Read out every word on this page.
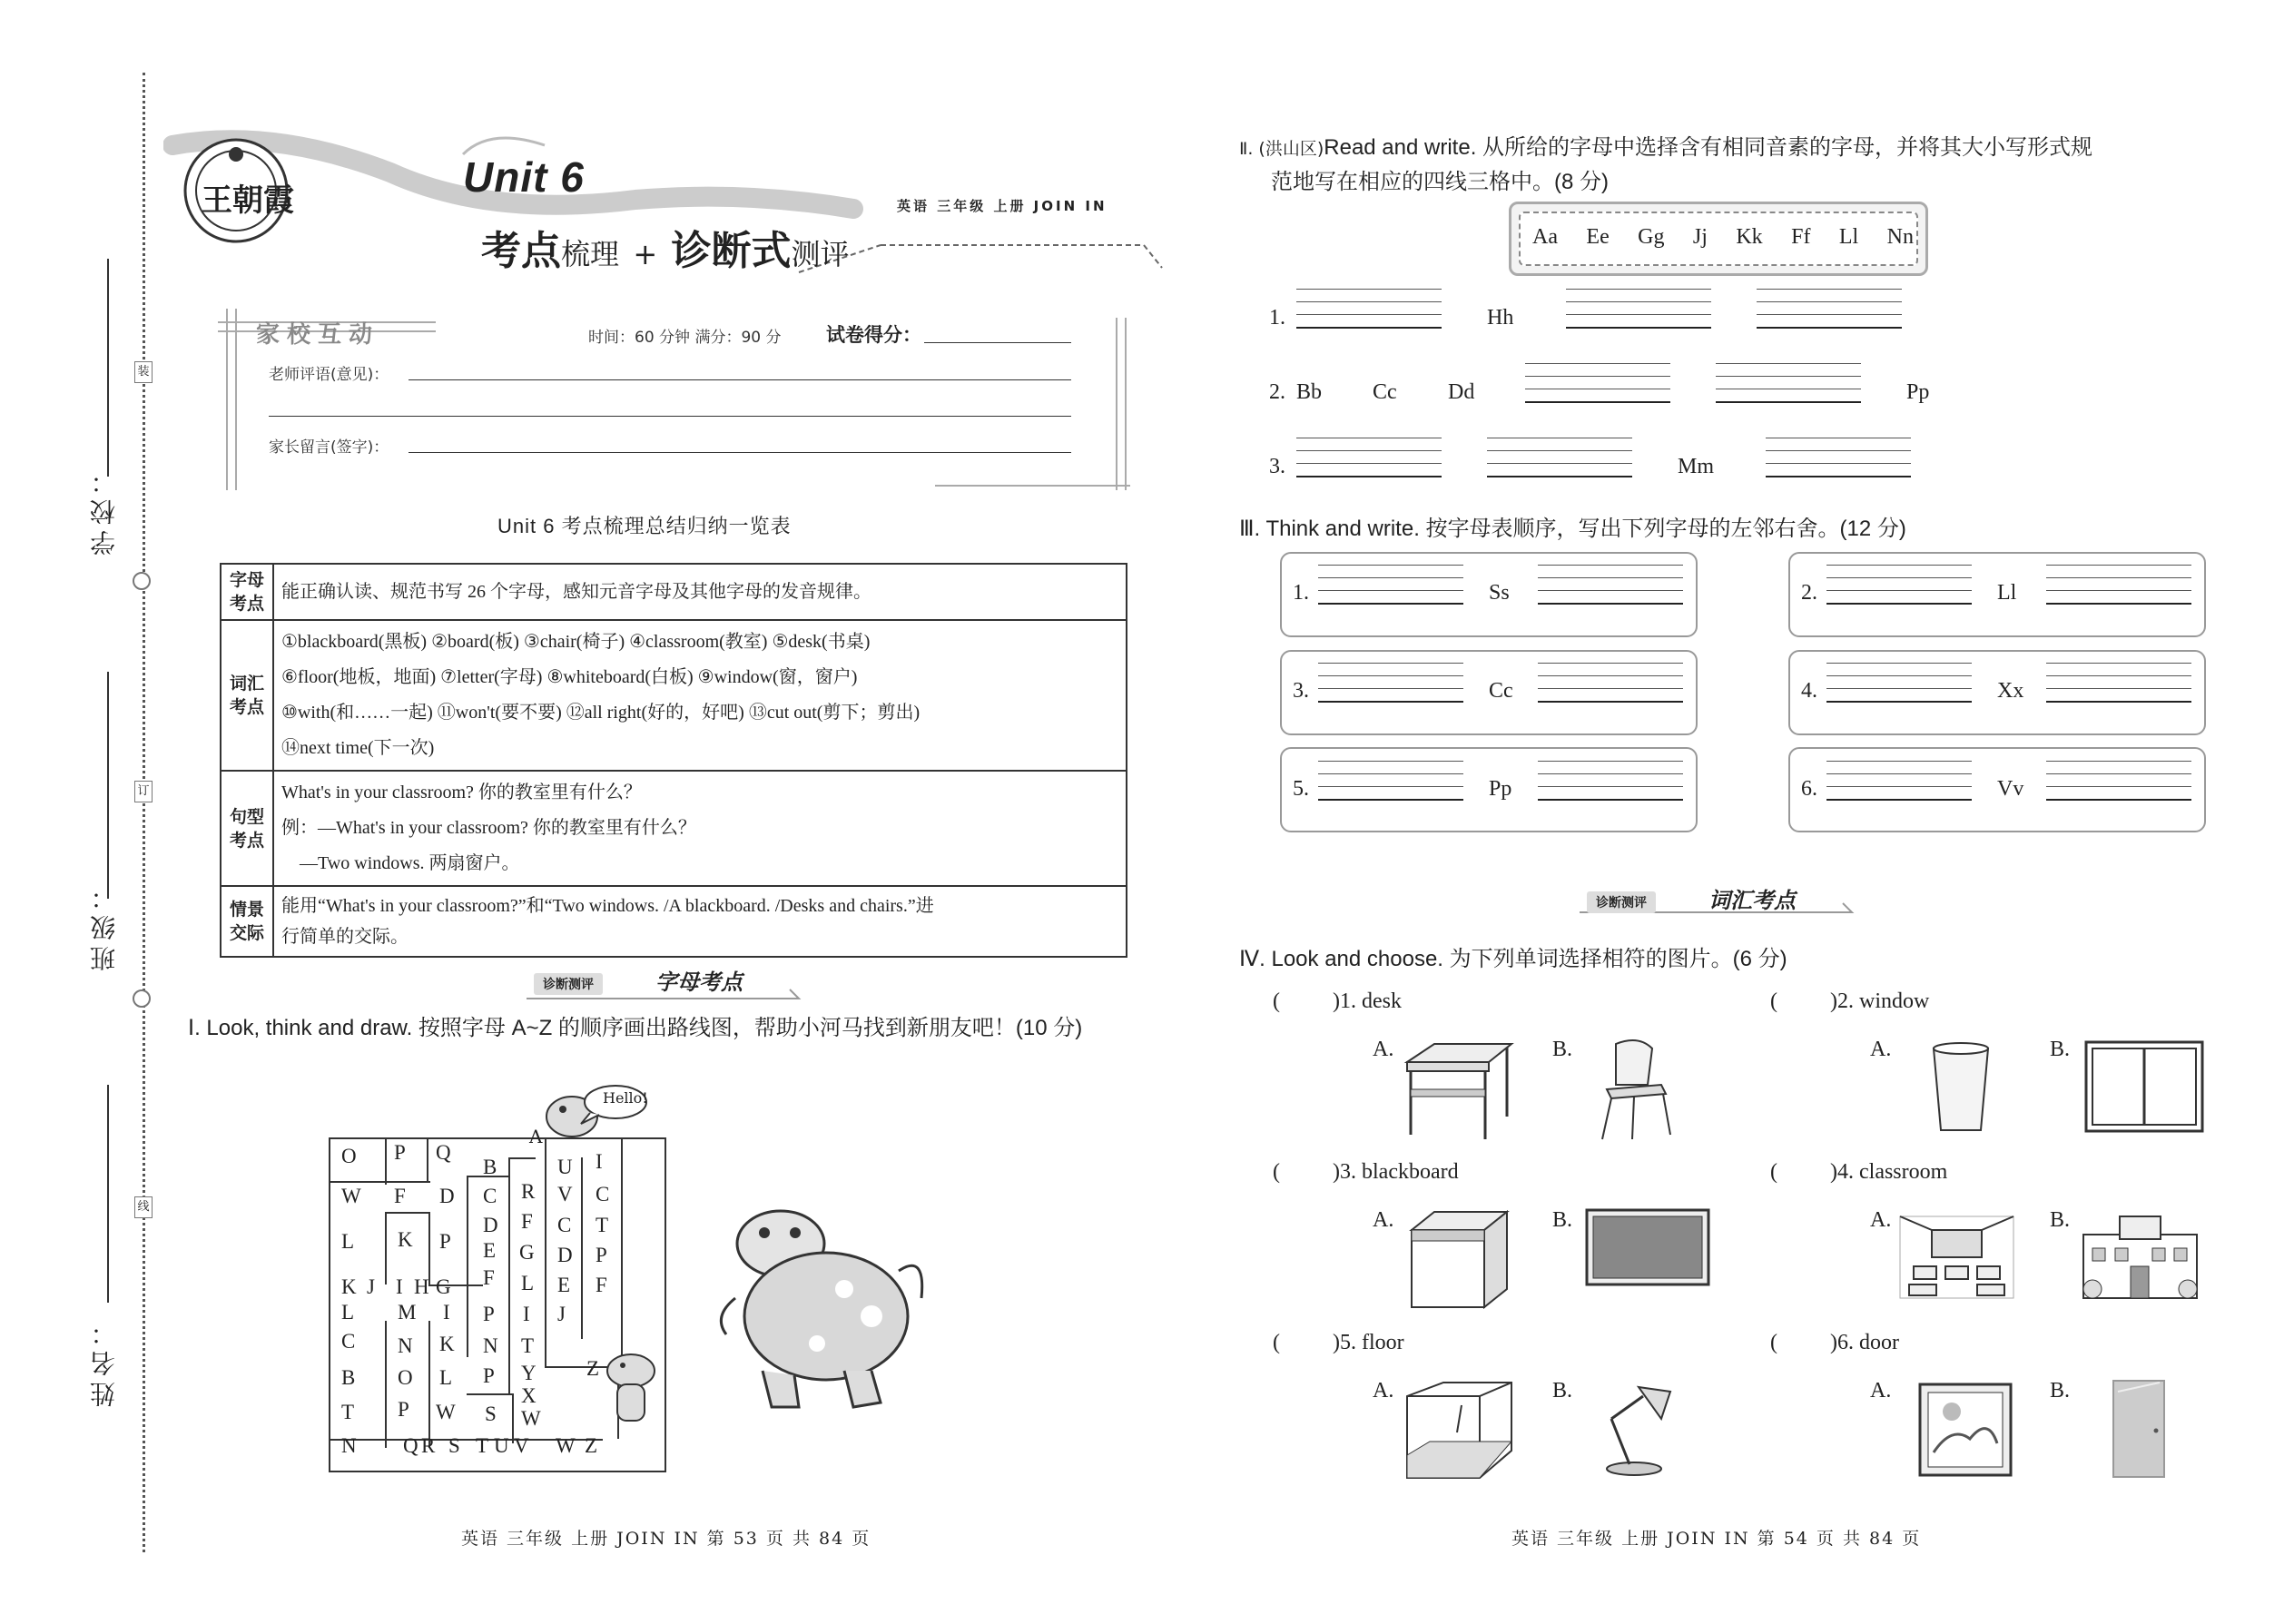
装
订
线
学校：
班级：
姓名：
王朝霞	Unit 6
英语 三年级 上册 JOIN IN
考点梳理 + 诊断式测评
家校互动	时间：60 分钟 满分：90 分 试卷得分：
老师评语(意见)：
家长留言(签字)：
Unit 6 考点梳理总结归纳一览表
字母考点	能正确认读、规范书写 26 个字母，感知元音字母及其他字母的发音规律。

词汇考点	①blackboard(黑板) ②board(板) ③chair(椅子) ④classroom(教室) ⑤desk(书桌)
⑥floor(地板，地面) ⑦letter(字母) ⑧whiteboard(白板) ⑨window(窗，窗户)
⑩with(和……一起) ⑪won't(要不要) ⑫all right(好的，好吧) ⑬cut out(剪下；剪出)
⑭next time(下一次)

句型考点	What's in your classroom? 你的教室里有什么？
例：—What's in your classroom? 你的教室里有什么？
—Two windows. 两扇窗户。

情景交际	能用“What's in your classroom?”和“Two windows. /A blackboard. /Desks and chairs.”进
行简单的交际。
诊断测评	字母考点
Ⅰ. Look, think and draw. 按照字母 A~Z 的顺序画出路线图，帮助小河马找到新朋友吧！(10 分)
O P Q
W F D
L K P
K J I H G
L M I
C N K
B O L
T P W
N Q R S T U V W Z
B
C
D
E
F
P
N
P
S
R
F
G
L
I
T
Y
X
W
U
V
C
D
E
J
Z
I
C
T
P
F
A
Hello!
英语 三年级 上册 JOIN IN 第 53 页 共 84 页
Ⅱ. (洪山区)Read and write. 从所给的字母中选择含有相同音素的字母，并将其大小写形式规
范地写在相应的四线三格中。(8 分)
Aa Ee Gg Jj Kk Ff Ll Nn
1.	Hh
2. Bb Cc Dd	Pp
3.	Mm
Ⅲ. Think and write. 按字母表顺序，写出下列字母的左邻右舍。(12 分)
1.	Ss	2.	Ll
3.	Cc	4.	Xx
5.	Pp	6.	Vv
诊断测评	词汇考点
Ⅳ. Look and choose. 为下列单词选择相符的图片。(6 分)
( )1. desk
A.	B.
( )2. window
A.	B.
( )3. blackboard
A.	B.
( )4. classroom
A.	B.
( )5. floor
A.	B.
( )6. door
A.	B.
英语 三年级 上册 JOIN IN 第 54 页 共 84 页
